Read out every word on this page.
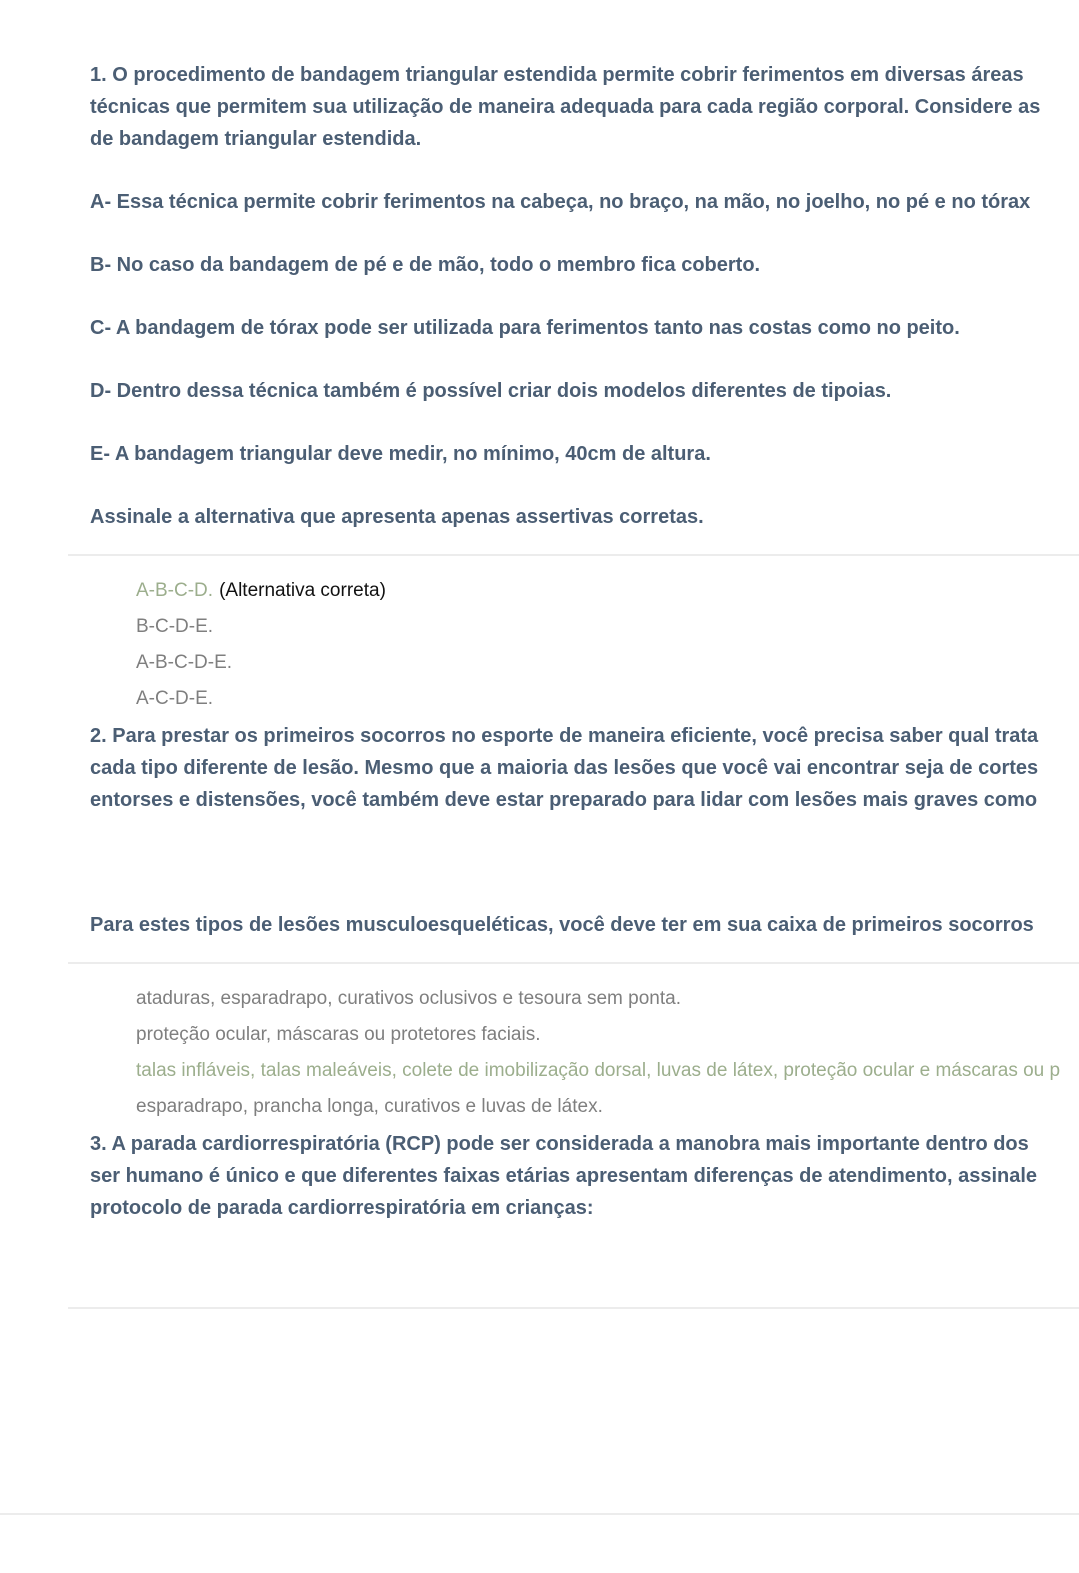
1. O procedimento de bandagem triangular estendida permite cobrir ferimentos em diversas áreas
técnicas que permitem sua utilização de maneira adequada para cada região corporal. Considere as
de bandagem triangular estendida.
A- Essa técnica permite cobrir ferimentos na cabeça, no braço, na mão, no joelho, no pé e no tórax
B- No caso da bandagem de pé e de mão, todo o membro fica coberto.
C- A bandagem de tórax pode ser utilizada para ferimentos tanto nas costas como no peito.
D- Dentro dessa técnica também é possível criar dois modelos diferentes de tipoias.
E- A bandagem triangular deve medir, no mínimo, 40cm de altura.
Assinale a alternativa que apresenta apenas assertivas corretas.
A-B-C-D. (Alternativa correta)
B-C-D-E.
A-B-C-D-E.
A-C-D-E.
2. Para prestar os primeiros socorros no esporte de maneira eficiente, você precisa saber qual trata
cada tipo diferente de lesão. Mesmo que a maioria das lesões que você vai encontrar seja de cortes
entorses e distensões, você também deve estar preparado para lidar com lesões mais graves como
Para estes tipos de lesões musculoesqueléticas, você deve ter em sua caixa de primeiros socorros
ataduras, esparadrapo, curativos oclusivos e tesoura sem ponta.
proteção ocular, máscaras ou protetores faciais.
talas infláveis, talas maleáveis, colete de imobilização dorsal, luvas de látex, proteção ocular e máscaras ou p
esparadrapo, prancha longa, curativos e luvas de látex.
3. A parada cardiorrespiratória (RCP) pode ser considerada a manobra mais importante dentro dos
ser humano é único e que diferentes faixas etárias apresentam diferenças de atendimento, assinale
protocolo de parada cardiorrespiratória em crianças:
